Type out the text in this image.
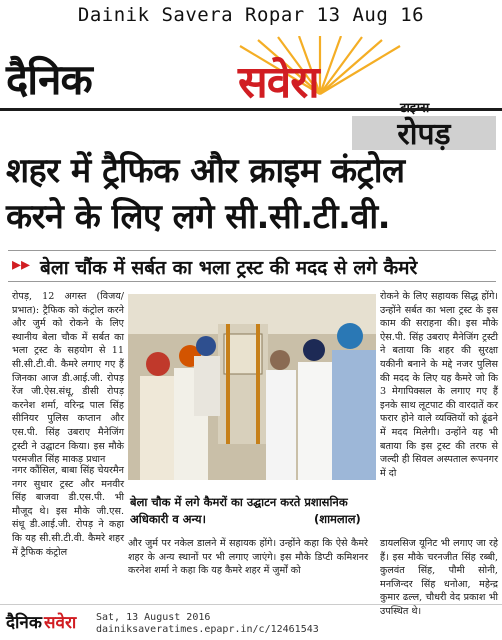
Dainik Savera Ropar 13 Aug 16
दैनिक	सवेरा
रोपड़
शहर में ट्रैफिक और क्राइम कंट्रोल
करने के लिए लगे सी.सी.टी.वी.
▸▸ बेला चौंक में सर्बत का भला ट्रस्ट की मदद से लगे कैमरे
रोपड़, 12 अगस्त (विजय/प्रभात): ट्रैफिक को कंट्रोल करने और जुर्म को रोकने के लिए स्थानीय बेला चौक में सर्बत का भला ट्रस्ट के सहयोग से 11 सी.सी.टी.वी. कैमरे लगाए गए हैं जिनका आज डी.आई.जी. रोपड़ रेंज जी.ऐस.संधू, डीसी रोपड़ करनेश शर्मा, वरिन्द्र पाल सिंह सीनियर पुलिस कप्तान और एस.पी. सिंह उबराए मैनेजिंग ट्रस्टी ने उद्घाटन किया। इस मौके परमजीत सिंह माकड़ प्रधान
बेला चौक में लगे कैमरों का उद्घाटन करते प्रशासनिक
अधिकारी व अन्य।	(शामलाल)
रोकने के लिए सहायक सिद्ध होंगे। उन्होंने सर्बत का भला ट्रस्ट के इस काम की सराहना की। इस मौके ऐस.पी. सिंह उबराए मैनेजिंग ट्रस्टी ने बताया कि शहर की सुरक्षा यकीनी बनाने के मद्दे नजर पुलिस की मदद के लिए यह कैमरे जो कि 3 मेगापिक्सल के लगाए गए हैं इनके साथ लूटपाट की वारदातें कर फरार होने वाले व्यक्तियों को ढूंढने में मदद मिलेगी। उन्होंने यह भी बताया कि इस ट्रस्ट की तरफ से जल्दी ही सिवल अस्पताल रूपनगर में दो
नगर कौंसिल, बाबा सिंह चेयरमैन नगर सुधार ट्रस्ट और मनवीर सिंह बाजवा डी.एस.पी. भी मौजूद थे। इस मौके जी.एस. संधू डी.आई.जी. रोपड़ ने कहा कि यह सी.सी.टी.वी. कैमरे शहर में ट्रैफिक कंट्रोल
और जुर्म पर नकेल डालने में सहायक होंगे। उन्होंने कहा कि ऐसे कैमरे शहर के अन्य स्थानों पर भी लगाए जाएंगे। इस मौके डिप्टी कमिशनर करनेश शर्मा ने कहा कि यह कैमरे शहर में जुर्मों को
डायलसिज यूनिट भी लगाए जा रहे हैं। इस मौके चरनजीत सिंह रब्बी, कुलवंत सिंह, पौमी सोनी, मनजिन्दर सिंह धनोआ, महेन्द्र कुमार ढल्ल, चौधरी वेद प्रकाश भी उपस्थित थे।
दैनिक सवेरा Sat, 13 August 2016
dainiksaveratimes.epapr.in/c/12461543
